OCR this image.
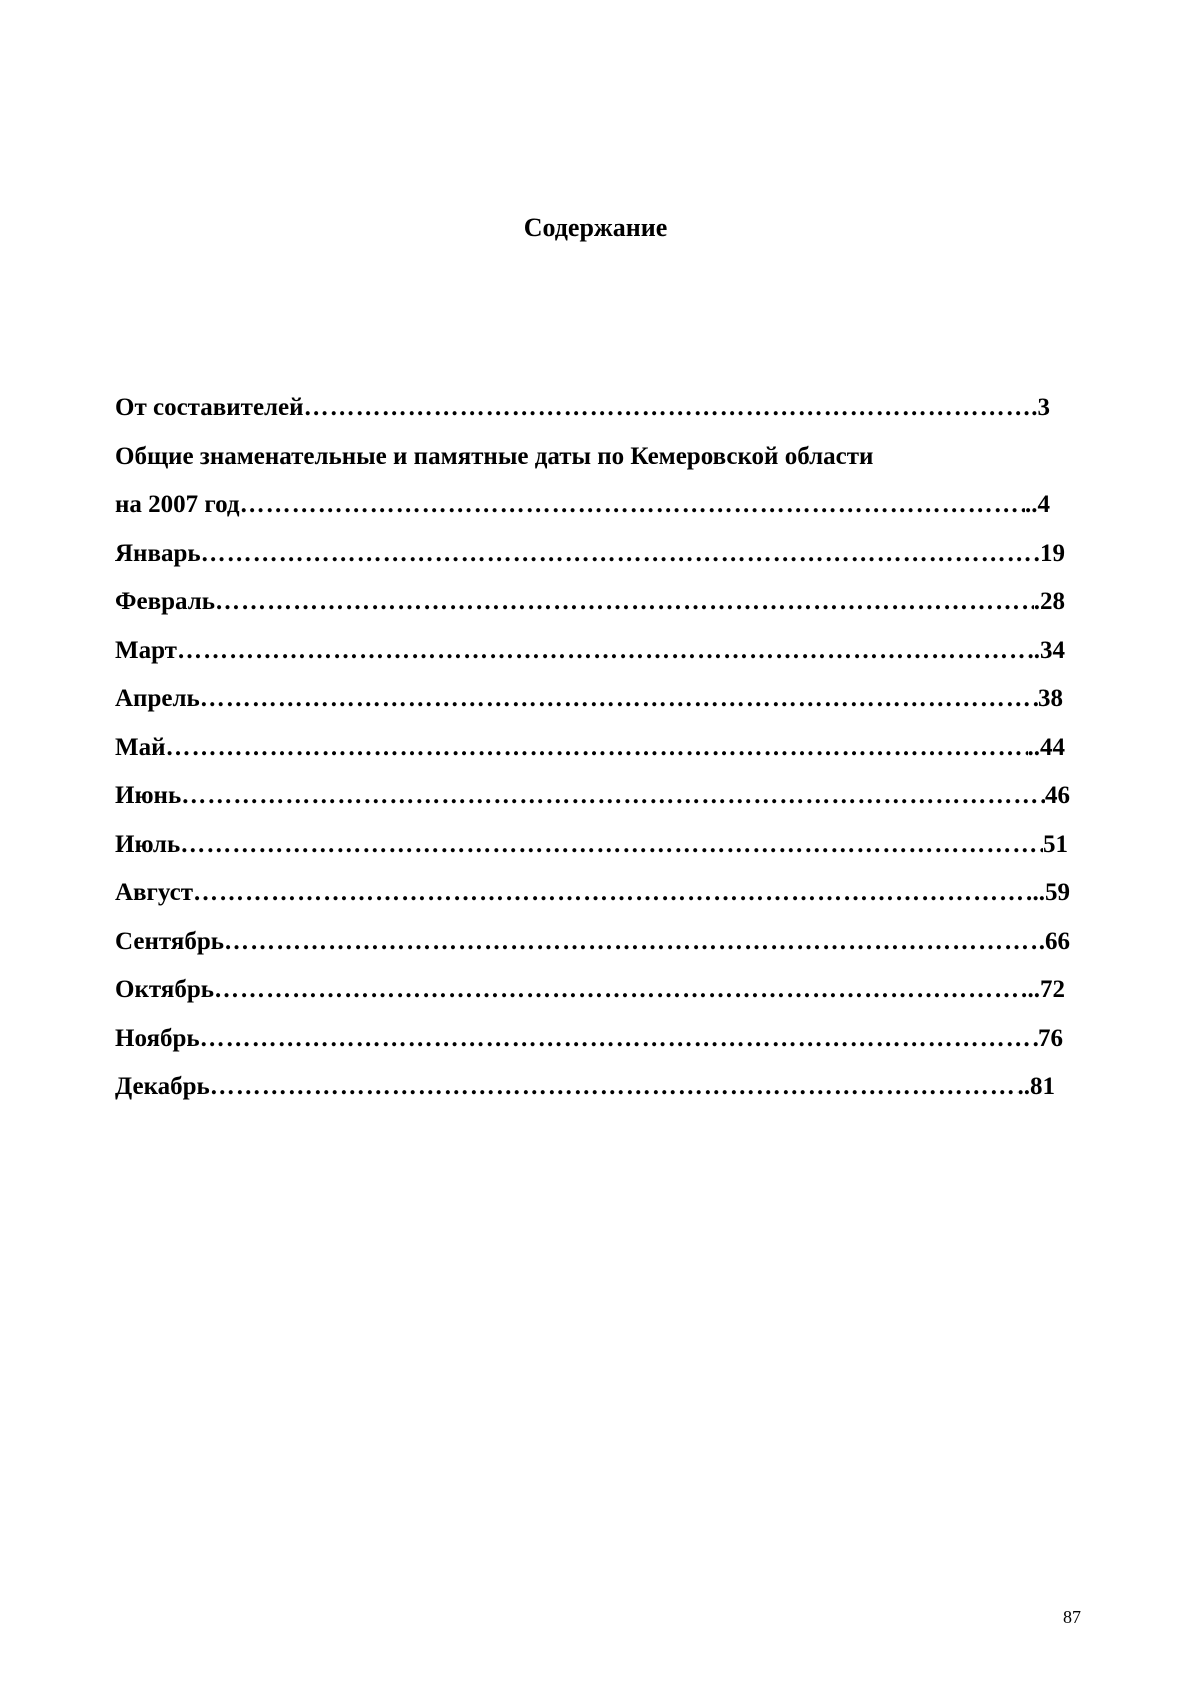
Содержание
От составителей ……………………………………………………………………………………………………………………………………………………………………………………	.3
Общие знаменательные и памятные даты по Кемеровской области
на 2007 год ……………………………………………………………………………………………………………………………………………………………………………………	..4
Январь ……………………………………………………………………………………………………………………………………………………………………………………	19
Февраль ……………………………………………………………………………………………………………………………………………………………………………………	.28
Март ……………………………………………………………………………………………………………………………………………………………………………………	..34
Апрель ……………………………………………………………………………………………………………………………………………………………………………………	38
Май ……………………………………………………………………………………………………………………………………………………………………………………	..44
Июнь ……………………………………………………………………………………………………………………………………………………………………………………	46
Июль ……………………………………………………………………………………………………………………………………………………………………………………	51
Август ……………………………………………………………………………………………………………………………………………………………………………………	..59
Сентябрь ……………………………………………………………………………………………………………………………………………………………………………………	.66
Октябрь ……………………………………………………………………………………………………………………………………………………………………………………	..72
Ноябрь ……………………………………………………………………………………………………………………………………………………………………………………	76
Декабрь ……………………………………………………………………………………………………………………………………………………………………………………	..81
87
